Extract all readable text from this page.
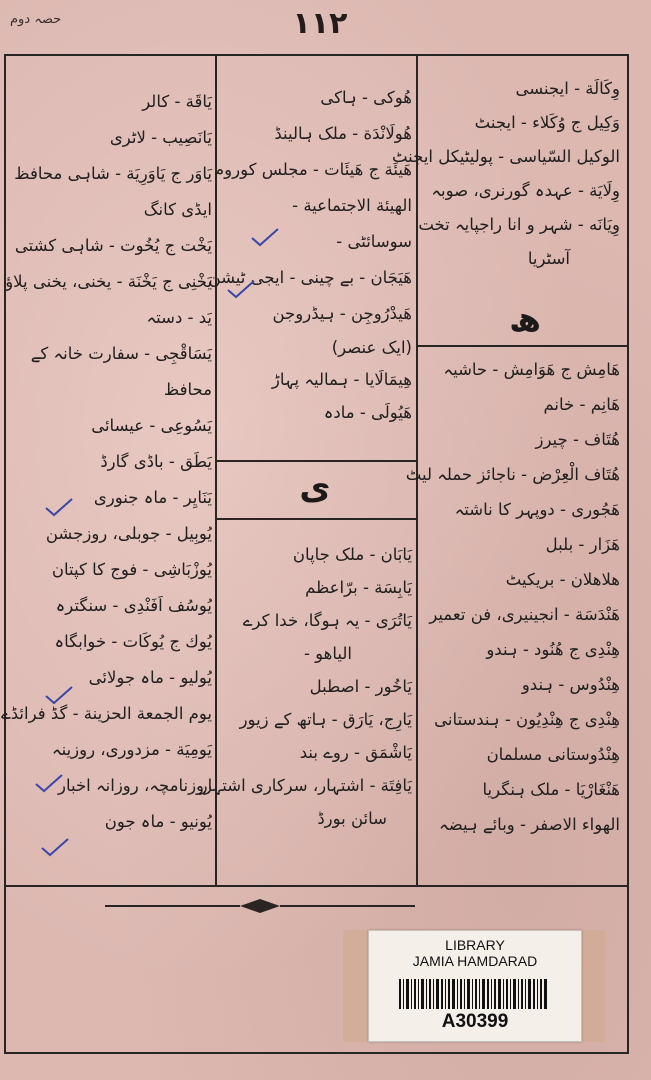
حصہ دوم	۱۱۲
وِکَالَة - ایجنسی
وَکِیل ج وُکَلاء - ایجنٹ
الوکیل السّیاسی - پولیٹیکل ایجنٹ
وِلَایَة - عہدہ گورنری، صوبہ
وِیَانَه - شہر و انا راجپایہ تخت
آسٹریا
ھ
ھَامِش ج ھَوَامِش - حاشیہ
ھَانِم - خانم
ھُتَاف - چیرز
ھُتَاف الْعِرْض - ناجائز حملہ لیٹ
ھَجُوری - دوپہر کا ناشتہ
ھَزَار - بلبل
ھلاھلان - بریکیٹ
ھَنْدَسَة - انجینیری، فن تعمیر
ھِنْدِی ج ھُنُود - ہندو
ھِنْدُوس - ہندو
ھِنْدِی ج ھِنْدِیُون - ہندستانی
ھِنْدُوستانی مسلمان
ھَنْغَارْیَا - ملک ہنگریا
الھواء الاصفر - وبائے ہیضہ
ھُوکی - ہاکی
ھُولَانْدَة - ملک ہالینڈ
ھَیئَة ج ھَیئَات - مجلس کوروم
الھیئة الاجتماعیة -
سوسائٹی -
ھَیَجَان - بے چینی - ایجی ٹیشن
ھَیدْرُوجِن - ہیڈروجن
(ایک عنصر)
ھِیمَالَایا - ہمالیہ پہاڑ
ھَیُولَی - مادہ
ی
یَابَان - ملک جاپان
یَابِسَة - برّاعظم
یَاتُرَی - یہ ہوگا، خدا کرے
الیاھو -
یَاخُور - اصطبل
یَارِج، یَارَق - ہاتھ کے زیور
یَاشْمَق - روے بند
یَافِتَة - اشتہار، سرکاری اشتہار
سائن بورڈ
یَاقَة - کالر
یَانَصِیب - لاٹری
یَاوَر ج یَاوَرِیَة - شاہی محافظ
ایڈی کانگ
یَخْت ج یُخُوت - شاہی کشتی
یَخْنِی ج یَخْنَة - یخنی، یخنی پلاؤ
یَد - دستہ
یَسَاقْجِی - سفارت خانہ کے
محافظ
یَسُوعِی - عیسائی
یَطَق - باڈی گارڈ
یَنَایِر - ماہ جنوری
یُوبِیل - جوبلی، روزجشن
یُوزْبَاشِی - فوج کا کپتان
یُوسُف اَفَنْدِی - سنگترہ
یُوك ج یُوكَات - خوابگاہ
یُولیو - ماہ جولائی
یوم الجمعة الحزینة - گڈ فرائڈے
یَومِیَة - مزدوری، روزینہ
روزنامچہ، روزانہ اخبار
یُونیو - ماہ جون
LIBRARY
JAMIA HAMDARAD
A30399
